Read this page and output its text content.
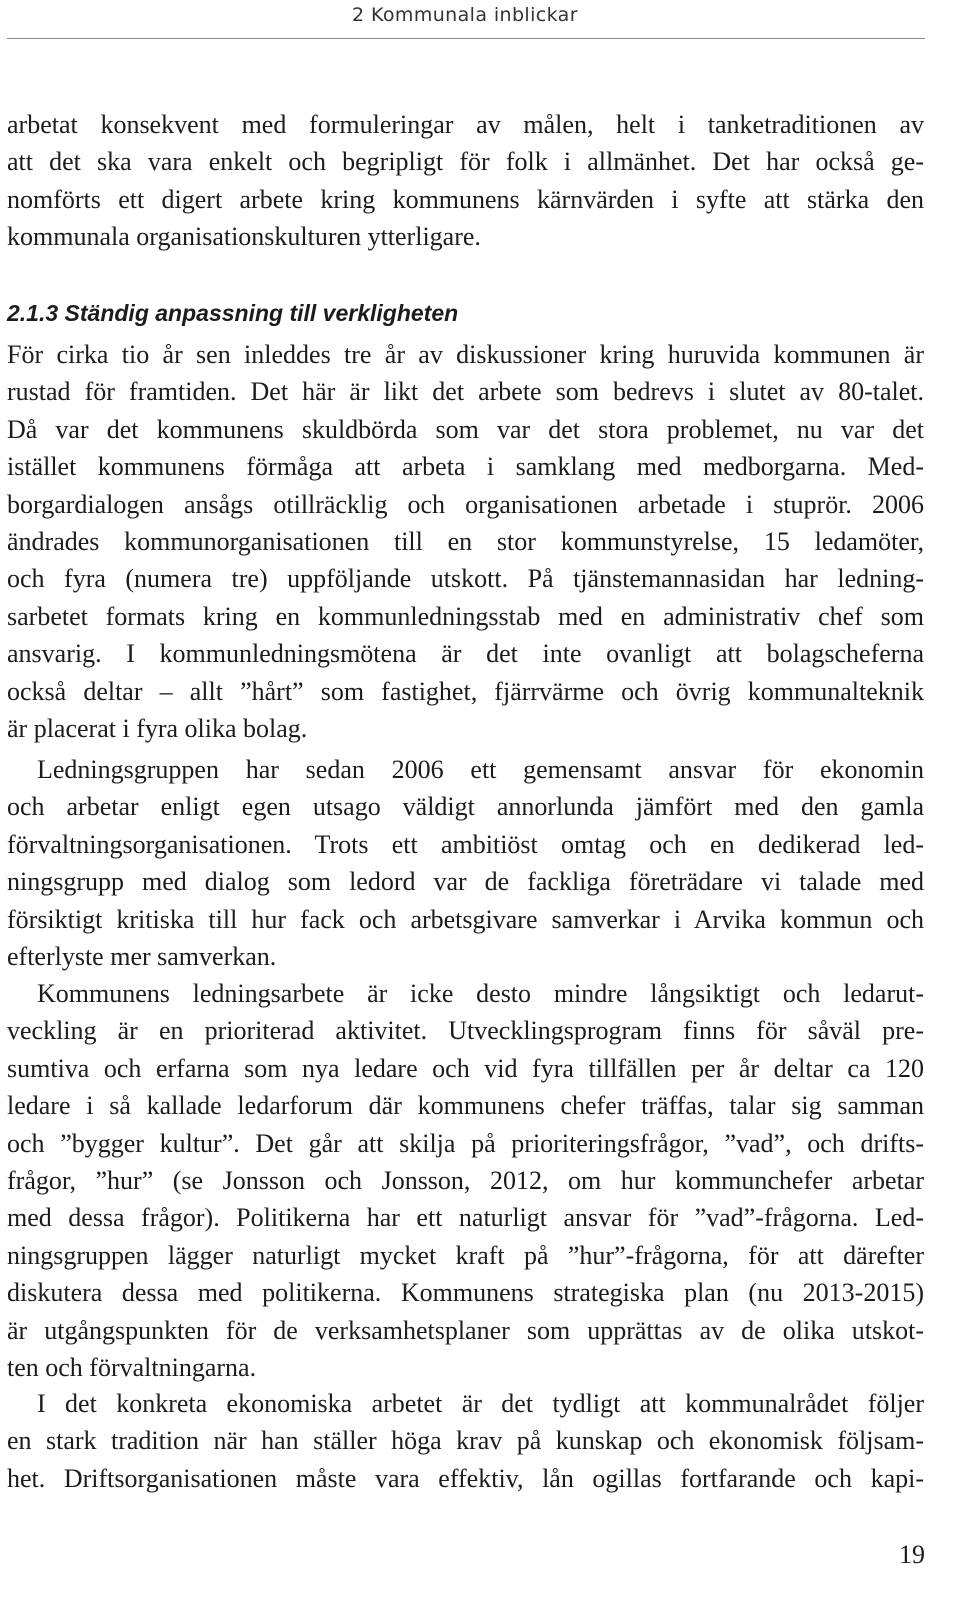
2 Kommunala inblickar
arbetat konsekvent med formuleringar av målen, helt i tanketraditionen av
att det ska vara enkelt och begripligt för folk i allmänhet. Det har också ge-
nomförts ett digert arbete kring kommunens kärnvärden i syfte att stärka den
kommunala organisationskulturen ytterligare.
2.1.3 Ständig anpassning till verkligheten
För cirka tio år sen inleddes tre år av diskussioner kring huruvida kommunen är
rustad för framtiden. Det här är likt det arbete som bedrevs i slutet av 80-talet.
Då var det kommunens skuldbörda som var det stora problemet, nu var det
istället kommunens förmåga att arbeta i samklang med medborgarna. Med-
borgardialogen ansågs otillräcklig och organisationen arbetade i stuprör. 2006
ändrades kommunorganisationen till en stor kommunstyrelse, 15 ledamöter,
och fyra (numera tre) uppföljande utskott. På tjänstemannasidan har ledning-
sarbetet formats kring en kommunledningsstab med en administrativ chef som
ansvarig. I kommunledningsmötena är det inte ovanligt att bolagscheferna
också deltar – allt ”hårt” som fastighet, fjärrvärme och övrig kommunalteknik
är placerat i fyra olika bolag.
Ledningsgruppen har sedan 2006 ett gemensamt ansvar för ekonomin
och arbetar enligt egen utsago väldigt annorlunda jämfört med den gamla
förvaltningsorganisationen. Trots ett ambitiöst omtag och en dedikerad led-
ningsgrupp med dialog som ledord var de fackliga företrädare vi talade med
försiktigt kritiska till hur fack och arbetsgivare samverkar i Arvika kommun och
efterlyste mer samverkan.
Kommunens ledningsarbete är icke desto mindre långsiktigt och ledarut-
veckling är en prioriterad aktivitet. Utvecklingsprogram finns för såväl pre-
sumtiva och erfarna som nya ledare och vid fyra tillfällen per år deltar ca 120
ledare i så kallade ledarforum där kommunens chefer träffas, talar sig samman
och ”bygger kultur”. Det går att skilja på prioriteringsfrågor, ”vad”, och drifts-
frågor, ”hur” (se Jonsson och Jonsson, 2012, om hur kommunchefer arbetar
med dessa frågor). Politikerna har ett naturligt ansvar för ”vad”-frågorna. Led-
ningsgruppen lägger naturligt mycket kraft på ”hur”-frågorna, för att därefter
diskutera dessa med politikerna. Kommunens strategiska plan (nu 2013-2015)
är utgångspunkten för de verksamhetsplaner som upprättas av de olika utskot-
ten och förvaltningarna.
I det konkreta ekonomiska arbetet är det tydligt att kommunalrådet följer
en stark tradition när han ställer höga krav på kunskap och ekonomisk följsam-
het. Driftsorganisationen måste vara effektiv, lån ogillas fortfarande och kapi-
19
